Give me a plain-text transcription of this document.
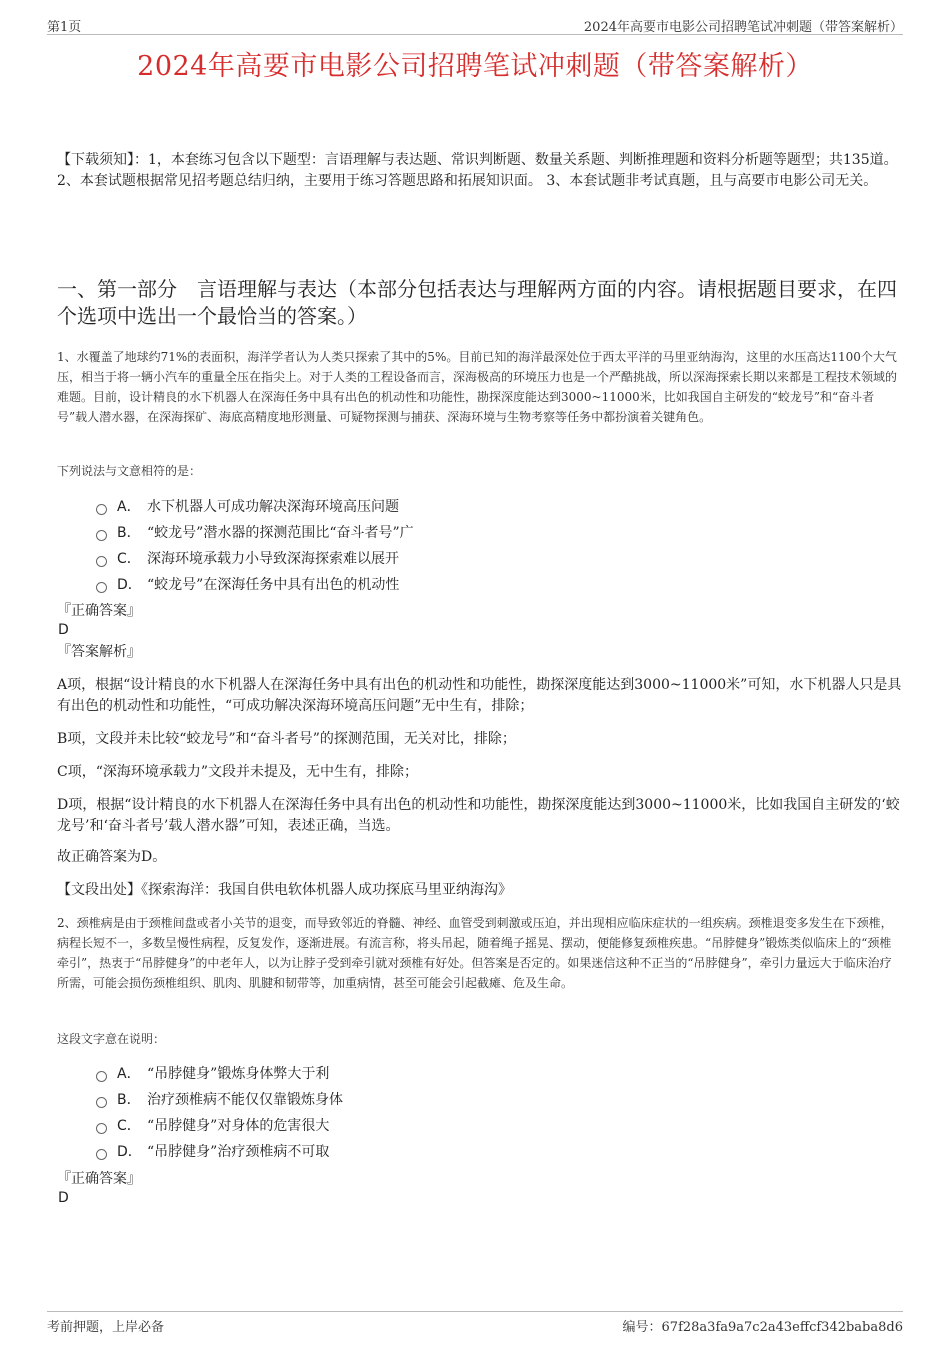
第1页	2024年高要市电影公司招聘笔试冲刺题（带答案解析）
2024年高要市电影公司招聘笔试冲刺题（带答案解析）
【下载须知】：1，本套练习包含以下题型：言语理解与表达题、常识判断题、数量关系题、判断推理题和资料分析题等题型；共135道。 2、本套试题根据常见招考题总结归纳，主要用于练习答题思路和拓展知识面。 3、本套试题非考试真题，且与高要市电影公司无关。
一、第一部分　言语理解与表达（本部分包括表达与理解两方面的内容。请根据题目要求，在四个选项中选出一个最恰当的答案。）
1、水覆盖了地球约71%的表面积，海洋学者认为人类只探索了其中的5%。目前已知的海洋最深处位于西太平洋的马里亚纳海沟，这里的水压高达1100个大气压，相当于将一辆小汽车的重量全压在指尖上。对于人类的工程设备而言，深海极高的环境压力也是一个严酷挑战，所以深海探索长期以来都是工程技术领域的难题。目前，设计精良的水下机器人在深海任务中具有出色的机动性和功能性，勘探深度能达到3000~11000米，比如我国自主研发的“蛟龙号”和“奋斗者号”载人潜水器，在深海探矿、海底高精度地形测量、可疑物探测与捕获、深海环境与生物考察等任务中都扮演着关键角色。
下列说法与文意相符的是：
A． 水下机器人可成功解决深海环境高压问题
B． “蛟龙号”潜水器的探测范围比“奋斗者号”广
C． 深海环境承载力小导致深海探索难以展开
D． “蛟龙号”在深海任务中具有出色的机动性
『正确答案』
D
『答案解析』
A项，根据“设计精良的水下机器人在深海任务中具有出色的机动性和功能性，勘探深度能达到3000~11000米”可知，水下机器人只是具有出色的机动性和功能性，“可成功解决深海环境高压问题”无中生有，排除；
B项，文段并未比较“蛟龙号”和“奋斗者号”的探测范围，无关对比，排除；
C项，“深海环境承载力”文段并未提及，无中生有，排除；
D项，根据“设计精良的水下机器人在深海任务中具有出色的机动性和功能性，勘探深度能达到3000~11000米，比如我国自主研发的‘蛟龙号’和‘奋斗者号’载人潜水器”可知，表述正确，当选。
故正确答案为D。
【文段出处】《探索海洋：我国自供电软体机器人成功探底马里亚纳海沟》
2、颈椎病是由于颈椎间盘或者小关节的退变，而导致邻近的脊髓、神经、血管受到刺激或压迫，并出现相应临床症状的一组疾病。颈椎退变多发生在下颈椎，病程长短不一，多数呈慢性病程，反复发作，逐渐进展。有流言称，将头吊起，随着绳子摇晃、摆动，便能修复颈椎疾患。“吊脖健身”锻炼类似临床上的“颈椎牵引”，热衷于“吊脖健身”的中老年人，以为让脖子受到牵引就对颈椎有好处。但答案是否定的。如果迷信这种不正当的“吊脖健身”，牵引力量远大于临床治疗所需，可能会损伤颈椎组织、肌肉、肌腱和韧带等，加重病情，甚至可能会引起截瘫、危及生命。
这段文字意在说明：
A． “吊脖健身”锻炼身体弊大于利
B． 治疗颈椎病不能仅仅靠锻炼身体
C． “吊脖健身”对身体的危害很大
D． “吊脖健身”治疗颈椎病不可取
『正确答案』
D
考前押题，上岸必备	编号：67f28a3fa9a7c2a43effcf342baba8d6
